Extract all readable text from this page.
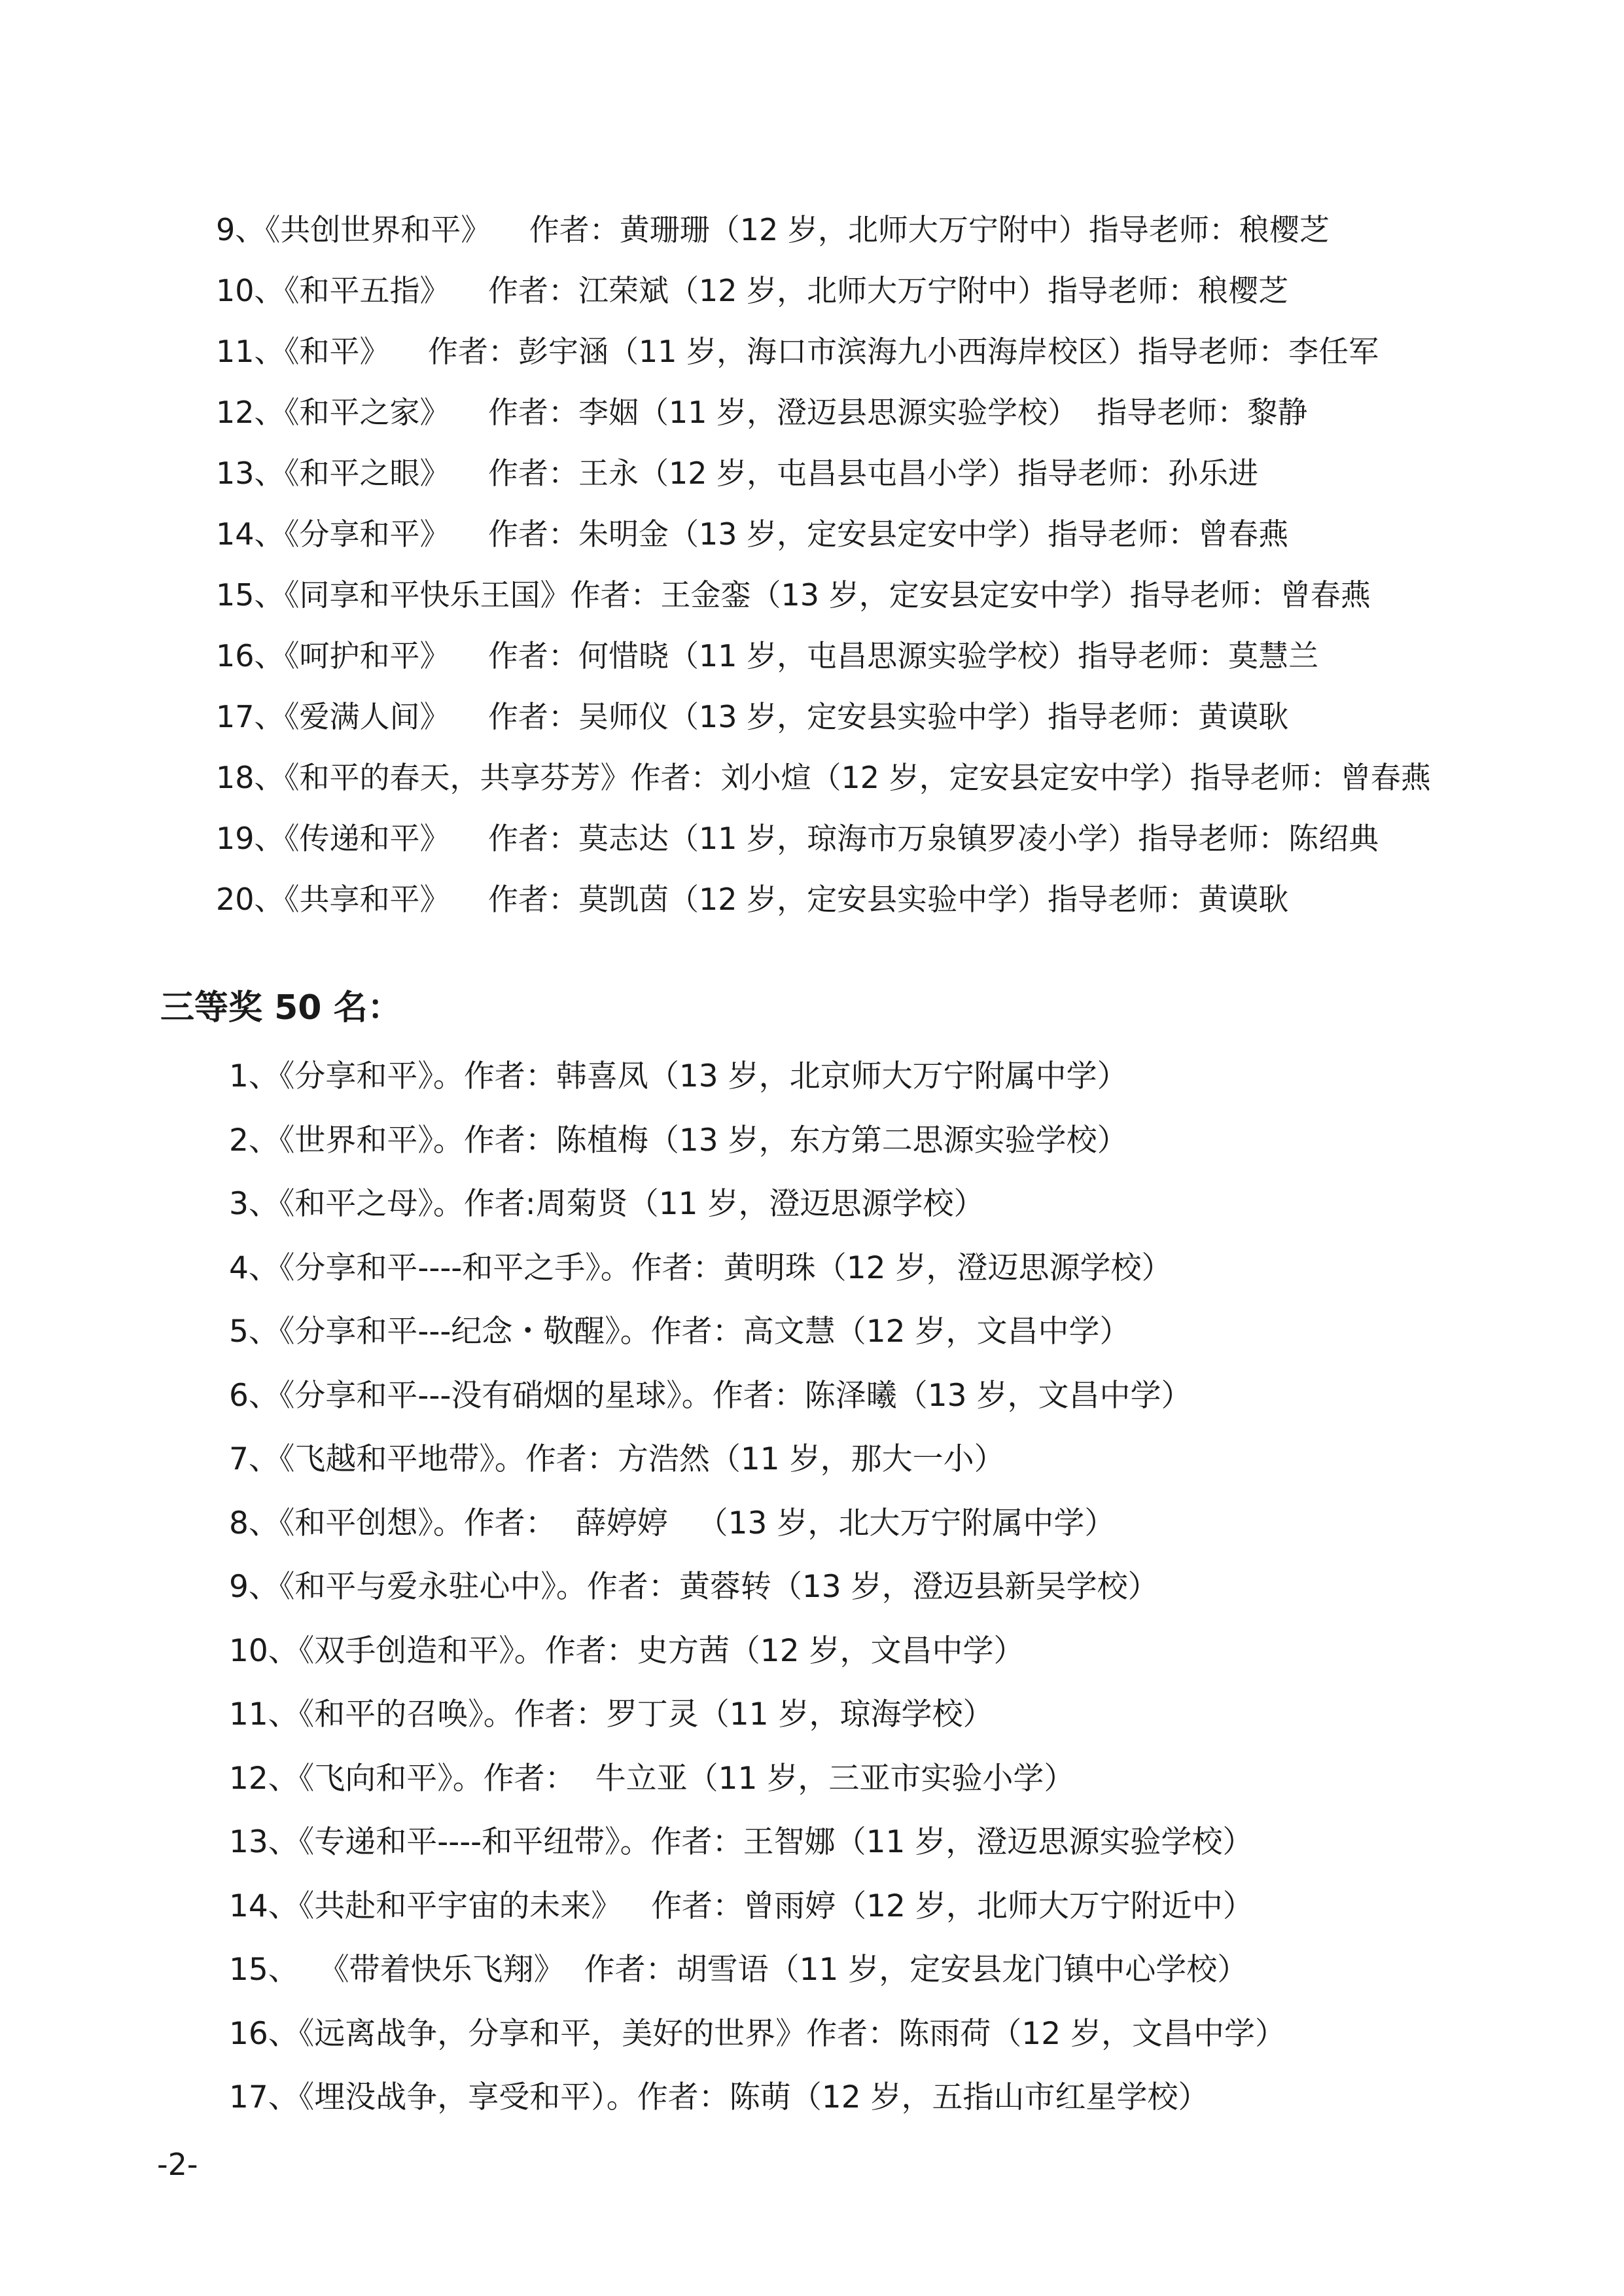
9、《共创世界和平》    作者：黄珊珊（12 岁，北师大万宁附中）指导老师：稂樱芝
10、《和平五指》    作者：江荣斌（12 岁，北师大万宁附中）指导老师：稂樱芝
11、《和平》    作者：彭宇涵（11 岁，海口市滨海九小西海岸校区）指导老师：李任军
12、《和平之家》    作者：李姻（11 岁，澄迈县思源实验学校）  指导老师：黎静
13、《和平之眼》    作者：王永（12 岁，屯昌县屯昌小学）指导老师：孙乐进
14、《分享和平》    作者：朱明金（13 岁，定安县定安中学）指导老师：曾春燕
15、《同享和平快乐王国》作者：王金銮（13 岁，定安县定安中学）指导老师：曾春燕
16、《呵护和平》    作者：何惜晓（11 岁，屯昌思源实验学校）指导老师：莫慧兰
17、《爱满人间》    作者：吴师仪（13 岁，定安县实验中学）指导老师：黄谟耿
18、《和平的春天，共享芬芳》作者：刘小煊（12 岁，定安县定安中学）指导老师：曾春燕
19、《传递和平》    作者：莫志达（11 岁，琼海市万泉镇罗凌小学）指导老师：陈绍典
20、《共享和平》    作者：莫凯茵（12 岁，定安县实验中学）指导老师：黄谟耿
三等奖 50 名：
1、《分享和平》。作者：韩喜凤（13 岁，北京师大万宁附属中学）
2、《世界和平》。作者：陈植梅（13 岁，东方第二思源实验学校）
3、《和平之母》。作者:周菊贤（11 岁，澄迈思源学校）
4、《分享和平----和平之手》。作者：黄明珠（12 岁，澄迈思源学校）
5、《分享和平---纪念・敬醒》。作者：高文慧（12 岁，文昌中学）
6、《分享和平---没有硝烟的星球》。作者：陈泽曦（13 岁，文昌中学）
7、《飞越和平地带》。作者：方浩然（11 岁，那大一小）
8、《和平创想》。作者：  薛婷婷   （13 岁，北大万宁附属中学）
9、《和平与爱永驻心中》。作者：黄蓉转（13 岁，澄迈县新吴学校）
10、《双手创造和平》。作者：史方茜（12 岁，文昌中学）
11、《和平的召唤》。作者：罗丁灵（11 岁，琼海学校）
12、《飞向和平》。作者：  牛立亚（11 岁，三亚市实验小学）
13、《专递和平----和平纽带》。作者：王智娜（11 岁，澄迈思源实验学校）
14、《共赴和平宇宙的未来》   作者：曾雨婷（12 岁，北师大万宁附近中）
15、  《带着快乐飞翔》  作者：胡雪语（11 岁，定安县龙门镇中心学校）
16、《远离战争，分享和平，美好的世界》作者：陈雨荷（12 岁，文昌中学）
17、《埋没战争，享受和平）。作者：陈萌（12 岁，五指山市红星学校）
-2-
